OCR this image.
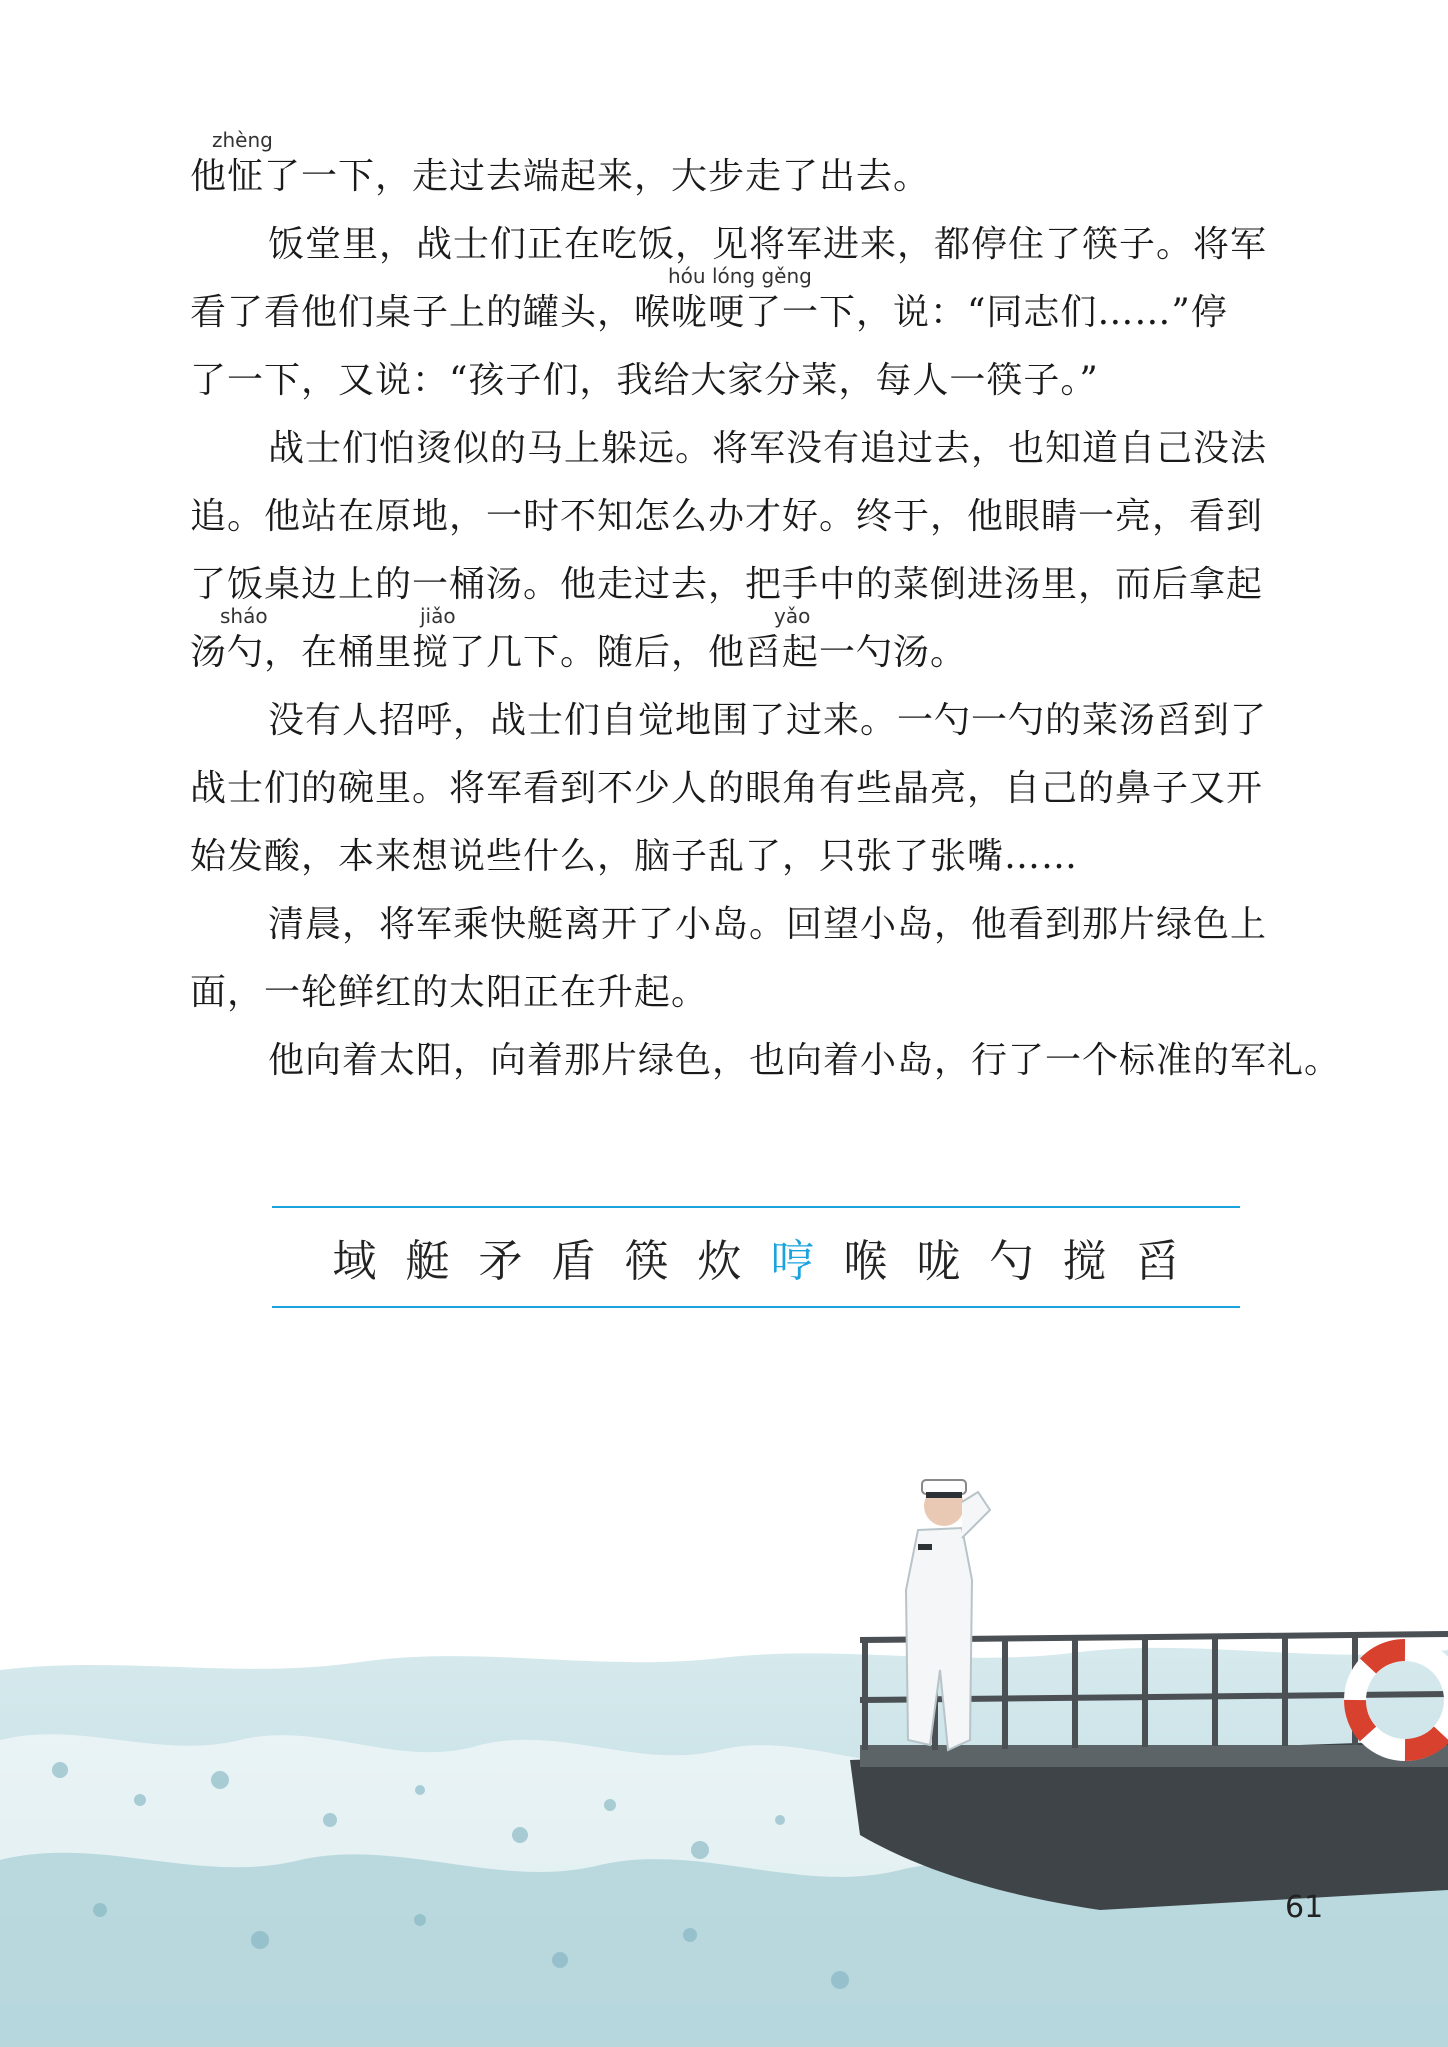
zhèng
hóu lóng gěng
sháo	jiǎo	yǎo
他怔了一下，走过去端起来，大步走了出去。
饭堂里，战士们正在吃饭，见将军进来，都停住了筷子。将军
看了看他们桌子上的罐头，喉咙哽了一下，说：“同志们……”停
了一下，又说：“孩子们，我给大家分菜，每人一筷子。”
战士们怕烫似的马上躲远。将军没有追过去，也知道自己没法
追。他站在原地，一时不知怎么办才好。终于，他眼睛一亮，看到
了饭桌边上的一桶汤。他走过去，把手中的菜倒进汤里，而后拿起
汤勺，在桶里搅了几下。随后，他舀起一勺汤。
没有人招呼，战士们自觉地围了过来。一勺一勺的菜汤舀到了
战士们的碗里。将军看到不少人的眼角有些晶亮，自己的鼻子又开
始发酸，本来想说些什么，脑子乱了，只张了张嘴……
清晨，将军乘快艇离开了小岛。回望小岛，他看到那片绿色上
面，一轮鲜红的太阳正在升起。
他向着太阳，向着那片绿色，也向着小岛，行了一个标准的军礼。
域 艇 矛 盾 筷 炊 哼 喉 咙 勺 搅 舀
61
